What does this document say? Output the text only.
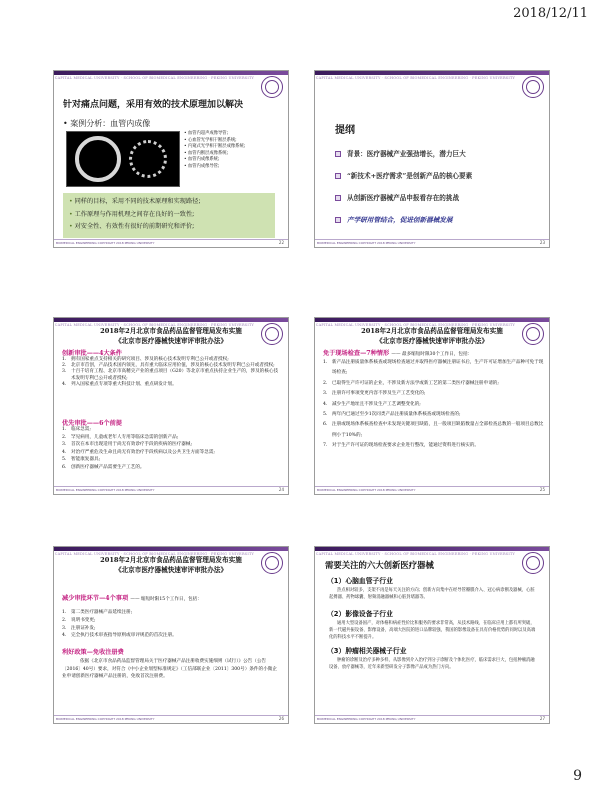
2018/12/11
CAPITAL MEDICAL UNIVERSITY · SCHOOL OF BIOMEDICAL ENGINEERING · PEKING UNIVERSITY
针对痛点问题，采用有效的技术原理加以解决
• 案例分析：血管内成像
• 血管内超声成像导管;
• 心血管光学相干断层系统;
• 内窥式光学相干断层成像系统;
• 血管内断层成像系统;
• 血管内成像系统;
• 血管内成像导管;
• 同样的目标，采用不同的技术原理和实现路径;
• 工作原理与作用机理之间存在良好的一致性;
• 对安全性、有效性有很好的前期研究和评价;
BIOMEDICAL ENGINEERING COPYRIGHT 2018 PEKING UNIVERSITY	22
CAPITAL MEDICAL UNIVERSITY · SCHOOL OF BIOMEDICAL ENGINEERING · PEKING UNIVERSITY
提纲
背景：医疗器械产业强劲增长，潜力巨大
“新技术+医疗需求”是创新产品的核心要素
从创新医疗器械产品申报看存在的挑战
产学研用管结合，促进创新器械发展
BIOMEDICAL ENGINEERING COPYRIGHT 2018 PEKING UNIVERSITY	23
CAPITAL MEDICAL UNIVERSITY · SCHOOL OF BIOMEDICAL ENGINEERING · PEKING UNIVERSITY
2018年2月北京市食品药品监督管理局发布实施
《北京市医疗器械快速审评审批办法》
创新审批——4大条件
1. 拥有国家重点支持相关的研究项目、涉及的核心技术发明专利已公开或者授权;
2. 北京市首创，产品技术国内领先，具有重大临床应用价值，涉及的核心技术发明专利已公开或者授权;
3. 十百千培育工程、北京市高精尖产业的重点项目（G20）等北京市重点扶持企业生产的，涉及的核心技术发明专利已公开或者授权;
4. 列入国家重点专项等重大科技计划、重点研发计划。
优先审批——6个前提
1. 临床急需;
2. 罕见病用，儿童或老年人专用等临床急需的创新产品;
3. 首次在本市出现适用于尚无有效诊疗手段的疾病的医疗器械;
4. 对治疗严重危及生命且尚无有效治疗手段疾病以及公共卫生方面等急需;
5. 智能康复器具;
6. 创新医疗器械产品需要生产工艺的。
BIOMEDICAL ENGINEERING COPYRIGHT 2018 PEKING UNIVERSITY	24
CAPITAL MEDICAL UNIVERSITY · SCHOOL OF BIOMEDICAL ENGINEERING · PEKING UNIVERSITY
2018年2月北京市食品药品监督管理局发布实施
《北京市医疗器械快速审评审批办法》
免于现场检查—7种情形 —— 最多缩短时限30个工作日，包括：
1. 新产品注册质量体系核查或现场检查通过并取得医疗器械注册证书后，生产许可证增加生产品种可免于现场检查;
2. 已取得生产许可证的企业，不涉及新方法学或新工艺的第二类医疗器械注册申请的;
3. 注册许可事项变更内容不涉及生产工艺变化的;
4. 减少生产地址且不涉及生产工艺调整变化的;
5. 两年内已通过至少1次同类产品注册质量体系核查或现场检查的;
6. 注册或现场体系核查检查中未发现关键项目缺陷，且一般项目缺陷数量占全部检查总数的一般项目总数比例小于10%的;
7. 对于生产许可证的现场检查要求企业进行整改，能通过资料进行核实的。
BIOMEDICAL ENGINEERING COPYRIGHT 2018 PEKING UNIVERSITY	25
CAPITAL MEDICAL UNIVERSITY · SCHOOL OF BIOMEDICAL ENGINEERING · PEKING UNIVERSITY
2018年2月北京市食品药品监督管理局发布实施
《北京市医疗器械快速审评审批办法》
减少审批环节—4个事项 —— 缩短时限15个工作日，包括：
1. 第二类医疗器械产品延续注册;
2. 说明书变更;
3. 注册证补发;
4. 完全执行技术审查指导原则或审评规范的首次注册。
利好政策—免收注册费
依据《北京市食品药品监督管理局关于医疗器械产品注册收费实施细则（试行）》公告（公告〔2016〕40号）要求，对符合《中小企业划型标准规定》（工信部联企业〔2011〕300号）条件的小微企业申请创新医疗器械产品注册的，免收首次注册费。
BIOMEDICAL ENGINEERING COPYRIGHT 2018 PEKING UNIVERSITY	26
CAPITAL MEDICAL UNIVERSITY · SCHOOL OF BIOMEDICAL ENGINEERING · PEKING UNIVERSITY
需要关注的六大创新医疗器械
（1）心脑血管子行业
热点相对较多，支架不再是每天关注的方向；创新方向集中在经导管瓣膜介入、冠心病诊断及器械、心脏起搏器、药物球囊、射频消融器械和心脏封堵器等。
（2）影像设备子行业
通用大型设备国产，对体格和病症性价比和服务的要求非常高，从技术路线、在临床应用上都有所突破，新一代磁共振设备、影像设备，高端大医院的进口品牌较强，我国的影像设备在具有价格优势的同时以及高端化的科技水平不断提升。
（3）肿瘤相关器械子行业
肿瘤的诊断及治疗多种多样，从影像到介入治疗到分子诊断及个体化医疗，临床需求巨大，包括肿瘤消融设备、放疗器械等，近年来新型研发分子影像产品成为热门方向。
BIOMEDICAL ENGINEERING COPYRIGHT 2018 PEKING UNIVERSITY	27
9
